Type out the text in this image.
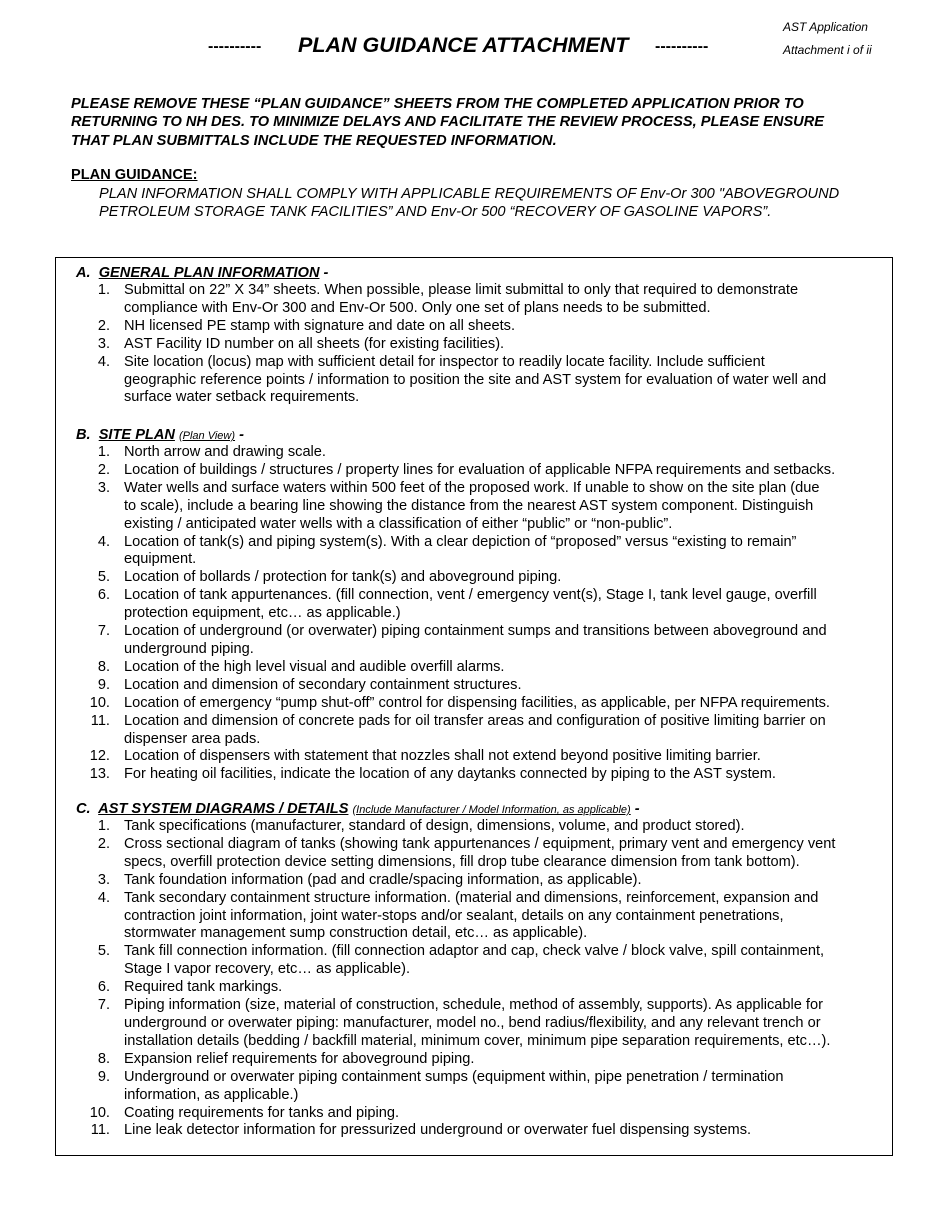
---------- PLAN GUIDANCE ATTACHMENT ----------
AST Application
Attachment i of ii
PLEASE REMOVE THESE “PLAN GUIDANCE” SHEETS FROM THE COMPLETED APPLICATION PRIOR TO
RETURNING TO NH DES. TO MINIMIZE DELAYS AND FACILITATE THE REVIEW PROCESS, PLEASE ENSURE
THAT PLAN SUBMITTALS INCLUDE THE REQUESTED INFORMATION.
PLAN GUIDANCE:
PLAN INFORMATION SHALL COMPLY WITH APPLICABLE REQUIREMENTS OF Env-Or 300 "ABOVEGROUND
PETROLEUM STORAGE TANK FACILITIES” AND Env-Or 500 “RECOVERY OF GASOLINE VAPORS”.
A.  GENERAL PLAN INFORMATION -
1. Submittal on 22” X 34” sheets. When possible, please limit submittal to only that required to demonstrate
compliance with Env-Or 300 and Env-Or 500. Only one set of plans needs to be submitted.
2. NH licensed PE stamp with signature and date on all sheets.
3. AST Facility ID number on all sheets (for existing facilities).
4. Site location (locus) map with sufficient detail for inspector to readily locate facility. Include sufficient
geographic reference points / information to position the site and AST system for evaluation of water well and
surface water setback requirements.
B.  SITE PLAN (Plan View) -
1. North arrow and drawing scale.
2. Location of buildings / structures / property lines for evaluation of applicable NFPA requirements and setbacks.
3. Water wells and surface waters within 500 feet of the proposed work. If unable to show on the site plan (due
to scale), include a bearing line showing the distance from the nearest AST system component. Distinguish
existing / anticipated water wells with a classification of either “public” or “non-public”.
4. Location of tank(s) and piping system(s). With a clear depiction of “proposed” versus “existing to remain”
equipment.
5. Location of bollards / protection for tank(s) and aboveground piping.
6. Location of tank appurtenances. (fill connection, vent / emergency vent(s), Stage I, tank level gauge, overfill
protection equipment, etc… as applicable.)
7. Location of underground (or overwater) piping containment sumps and transitions between aboveground and
underground piping.
8. Location of the high level visual and audible overfill alarms.
9. Location and dimension of secondary containment structures.
10. Location of emergency “pump shut-off” control for dispensing facilities, as applicable, per NFPA requirements.
11. Location and dimension of concrete pads for oil transfer areas and configuration of positive limiting barrier on
dispenser area pads.
12. Location of dispensers with statement that nozzles shall not extend beyond positive limiting barrier.
13. For heating oil facilities, indicate the location of any daytanks connected by piping to the AST system.
C.  AST SYSTEM DIAGRAMS / DETAILS (Include Manufacturer / Model Information, as applicable) -
1. Tank specifications (manufacturer, standard of design, dimensions, volume, and product stored).
2. Cross sectional diagram of tanks (showing tank appurtenances / equipment, primary vent and emergency vent
specs, overfill protection device setting dimensions, fill drop tube clearance dimension from tank bottom).
3. Tank foundation information (pad and cradle/spacing information, as applicable).
4. Tank secondary containment structure information. (material and dimensions, reinforcement, expansion and
contraction joint information, joint water-stops and/or sealant, details on any containment penetrations,
stormwater management sump construction detail, etc… as applicable).
5. Tank fill connection information. (fill connection adaptor and cap, check valve / block valve, spill containment,
Stage I vapor recovery, etc… as applicable).
6. Required tank markings.
7. Piping information (size, material of construction, schedule, method of assembly, supports). As applicable for
underground or overwater piping: manufacturer, model no., bend radius/flexibility, and any relevant trench or
installation details (bedding / backfill material, minimum cover, minimum pipe separation requirements, etc…).
8. Expansion relief requirements for aboveground piping.
9. Underground or overwater piping containment sumps (equipment within, pipe penetration / termination
information, as applicable.)
10. Coating requirements for tanks and piping.
11. Line leak detector information for pressurized underground or overwater fuel dispensing systems.
